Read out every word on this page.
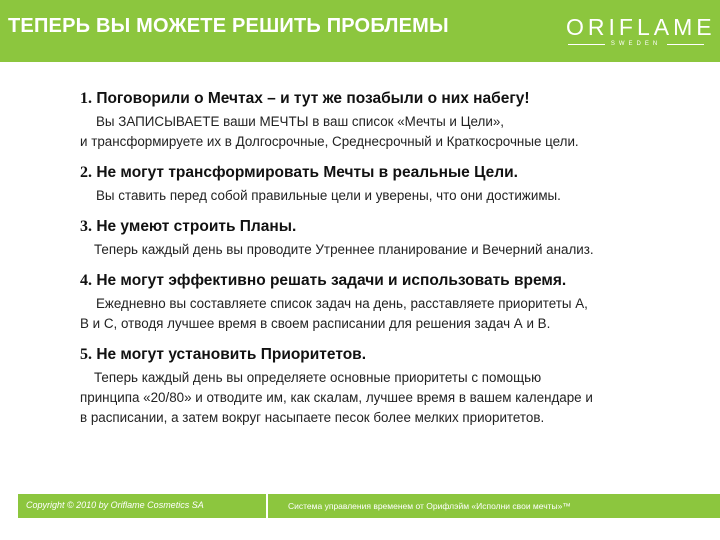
ТЕПЕРЬ ВЫ МОЖЕТЕ РЕШИТЬ ПРОБЛЕМЫ	ORIFLAME
SWEDEN
1. Поговорили о Мечтах – и тут же позабыли о них набегу!
Вы ЗАПИСЫВАЕТЕ ваши МЕЧТЫ в ваш список «Мечты и Цели»,
и трансформируете их в Долгосрочные, Среднесрочный и Краткосрочные цели.
2. Не могут трансформировать Мечты в реальные Цели.
Вы ставить перед собой правильные цели и уверены, что они достижимы.
3. Не умеют строить Планы.
Теперь каждый день вы проводите Утреннее планирование и Вечерний анализ.
4. Не могут эффективно решать задачи и использовать время.
Ежедневно вы составляете список задач на день, расставляете приоритеты А,
В и С, отводя лучшее время в своем расписании для решения задач А и В.
5. Не могут установить Приоритетов.
Теперь каждый день вы определяете основные приоритеты с помощью
принципа «20/80» и отводите им, как скалам, лучшее время в вашем календаре и
в расписании, а затем вокруг насыпаете песок более мелких приоритетов.
Copyright © 2010 by Oriflame Cosmetics SA	Система управления временем от Орифлэйм «Исполни свои мечты»™
